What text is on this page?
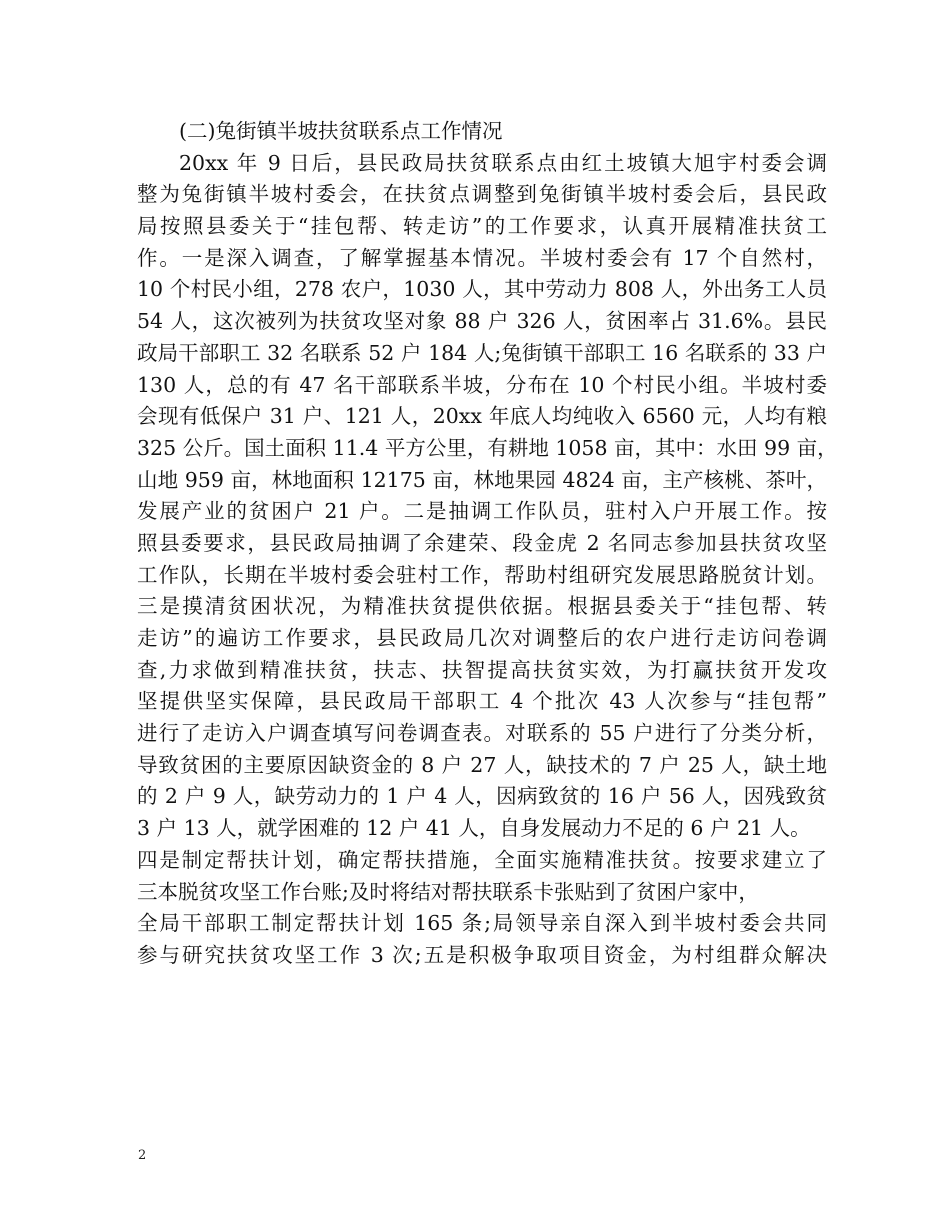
(二)兔街镇半坡扶贫联系点工作情况
20xx 年 9 日后，县民政局扶贫联系点由红土坡镇大旭宇村委会调
整为兔街镇半坡村委会，在扶贫点调整到兔街镇半坡村委会后，县民政
局按照县委关于“挂包帮、转走访”的工作要求，认真开展精准扶贫工
作。一是深入调查，了解掌握基本情况。半坡村委会有 17 个自然村，
10 个村民小组，278 农户，1030 人，其中劳动力 808 人，外出务工人员
54 人，这次被列为扶贫攻坚对象 88 户 326 人，贫困率占 31.6%。县民
政局干部职工 32 名联系 52 户 184 人;兔街镇干部职工 16 名联系的 33 户
130 人，总的有 47 名干部联系半坡，分布在 10 个村民小组。半坡村委
会现有低保户 31 户、121 人，20xx 年底人均纯收入 6560 元，人均有粮
325 公斤。国土面积 11.4 平方公里，有耕地 1058 亩，其中：水田 99 亩，
山地 959 亩，林地面积 12175 亩，林地果园 4824 亩，主产核桃、茶叶，
发展产业的贫困户 21 户。二是抽调工作队员，驻村入户开展工作。按
照县委要求，县民政局抽调了余建荣、段金虎 2 名同志参加县扶贫攻坚
工作队，长期在半坡村委会驻村工作，帮助村组研究发展思路脱贫计划。
三是摸清贫困状况，为精准扶贫提供依据。根据县委关于“挂包帮、转
走访”的遍访工作要求，县民政局几次对调整后的农户进行走访问卷调
查,力求做到精准扶贫，扶志、扶智提高扶贫实效，为打赢扶贫开发攻
坚提供坚实保障，县民政局干部职工 4 个批次 43 人次参与“挂包帮”
进行了走访入户调查填写问卷调查表。对联系的 55 户进行了分类分析，
导致贫困的主要原因缺资金的 8 户 27 人，缺技术的 7 户 25 人，缺土地
的 2 户 9 人，缺劳动力的 1 户 4 人，因病致贫的 16 户 56 人，因残致贫
3 户 13 人，就学困难的 12 户 41 人，自身发展动力不足的 6 户 21 人。
四是制定帮扶计划，确定帮扶措施，全面实施精准扶贫。按要求建立了
三本脱贫攻坚工作台账;及时将结对帮扶联系卡张贴到了贫困户家中，
全局干部职工制定帮扶计划 165 条;局领导亲自深入到半坡村委会共同
参与研究扶贫攻坚工作 3 次;五是积极争取项目资金，为村组群众解决
2
